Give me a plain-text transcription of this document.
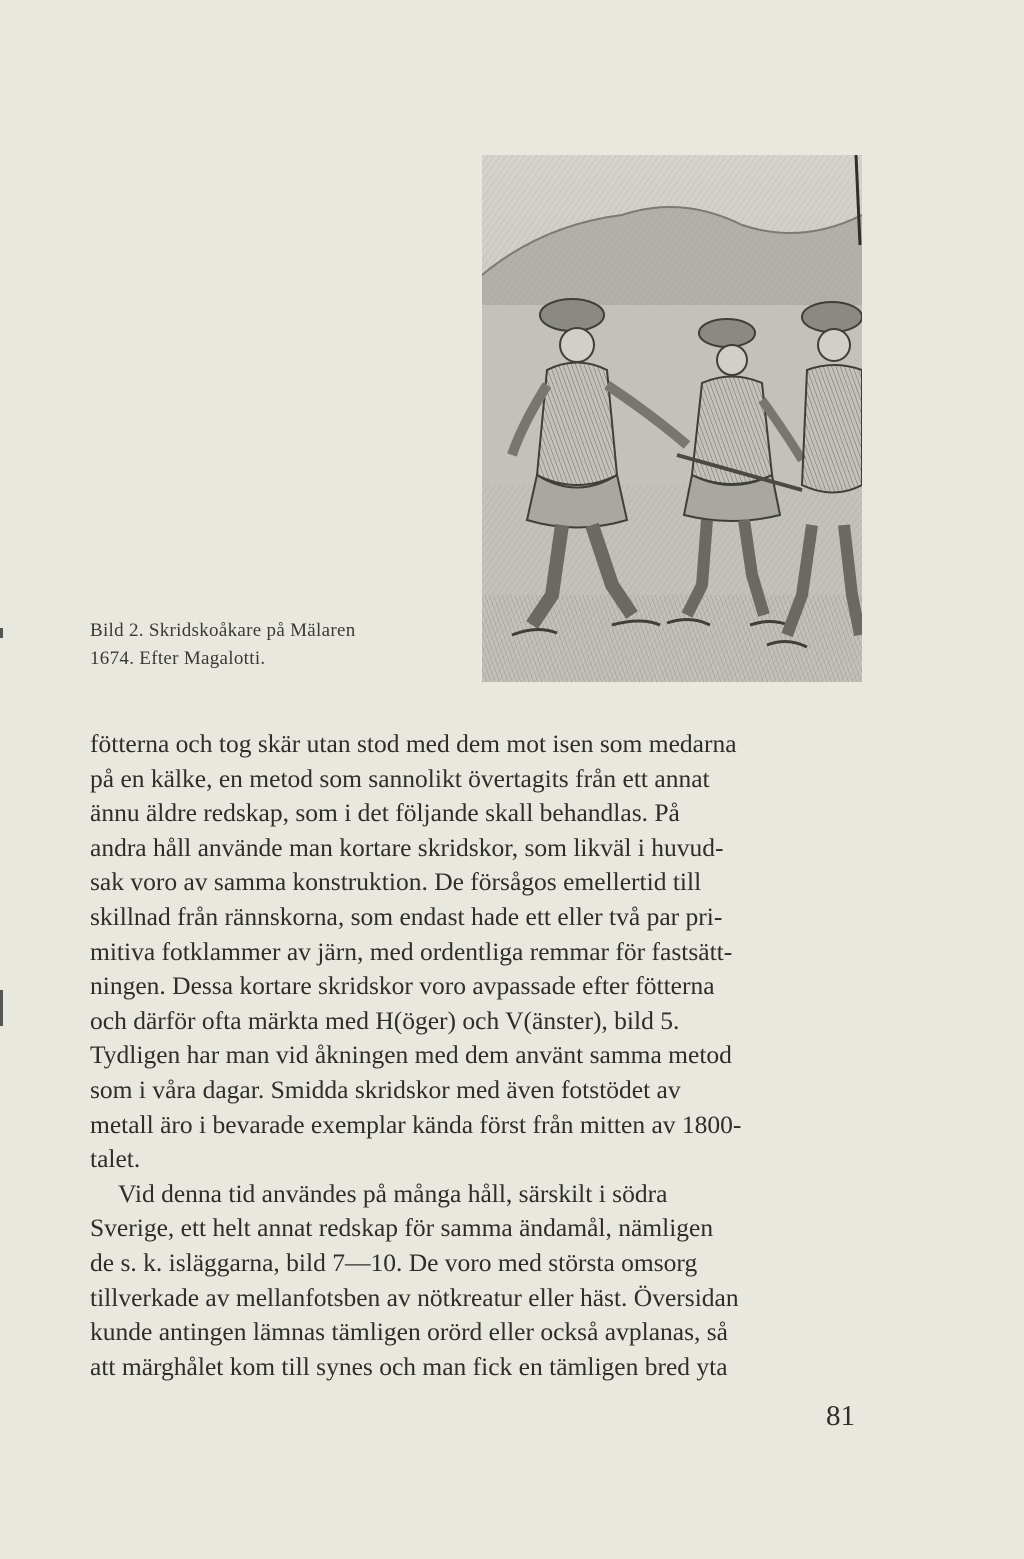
Bild 2. Skridskoåkare på Mälaren
1674. Efter Magalotti.
fötterna och tog skär utan stod med dem mot isen som medarna
på en kälke, en metod som sannolikt övertagits från ett annat
ännu äldre redskap, som i det följande skall behandlas. På
andra håll använde man kortare skridskor, som likväl i huvud-
sak voro av samma konstruktion. De försågos emellertid till
skillnad från rännskorna, som endast hade ett eller två par pri-
mitiva fotklammer av järn, med ordentliga remmar för fastsätt-
ningen. Dessa kortare skridskor voro avpassade efter fötterna
och därför ofta märkta med H(öger) och V(änster), bild 5.
Tydligen har man vid åkningen med dem använt samma metod
som i våra dagar. Smidda skridskor med även fotstödet av
metall äro i bevarade exemplar kända först från mitten av 1800-
talet.
Vid denna tid användes på många håll, särskilt i södra
Sverige, ett helt annat redskap för samma ändamål, nämligen
de s. k. isläggarna, bild 7—10. De voro med största omsorg
tillverkade av mellanfotsben av nötkreatur eller häst. Översidan
kunde antingen lämnas tämligen orörd eller också avplanas, så
att märghålet kom till synes och man fick en tämligen bred yta
81
